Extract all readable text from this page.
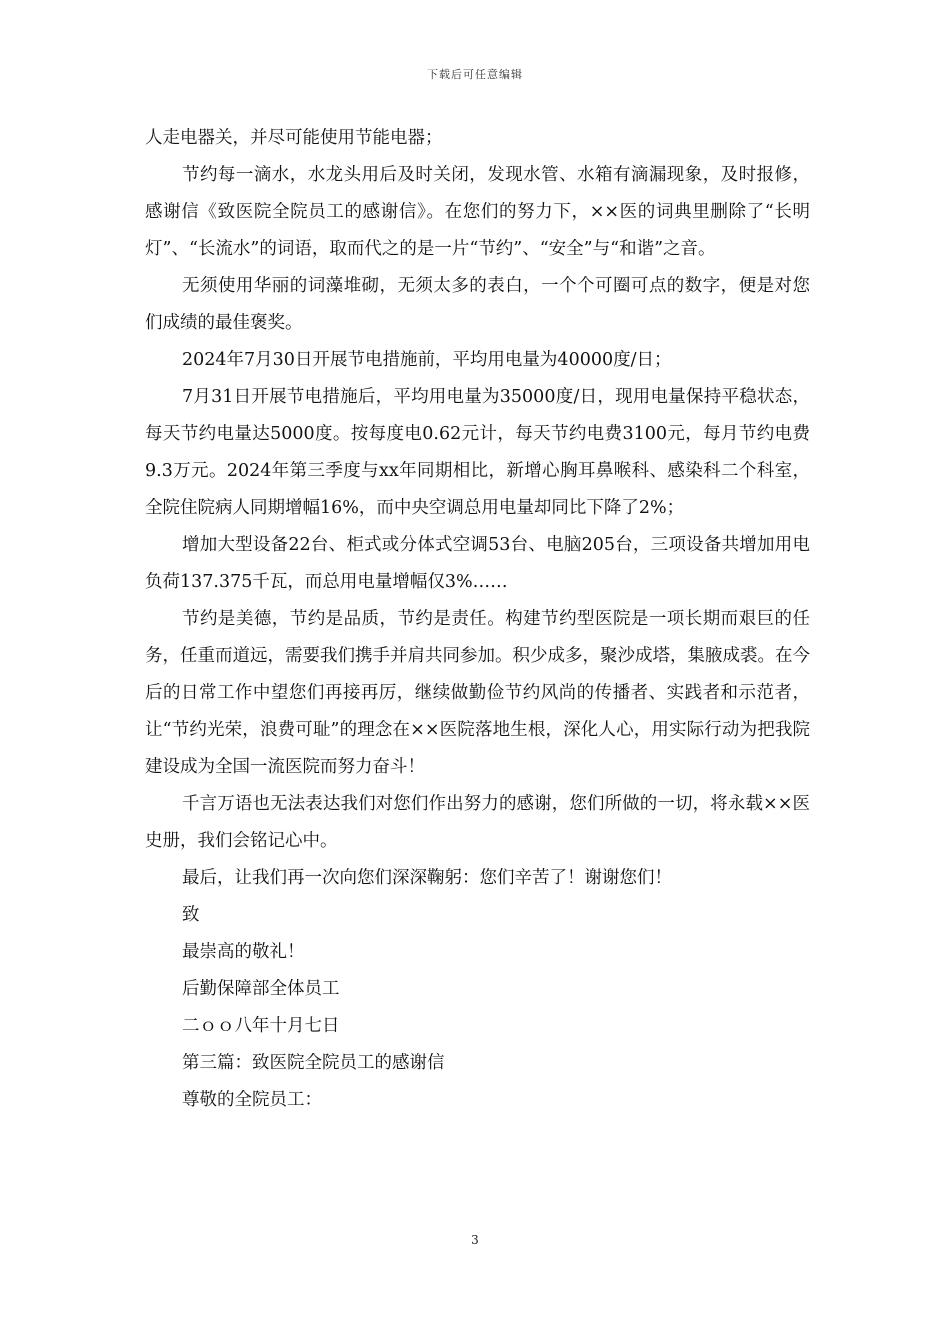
下载后可任意编辑

人走电器关，并尽可能使用节能电器；

节约每一滴水，水龙头用后及时关闭，发现水管、水箱有滴漏现象，及时报修，感谢信《致医院全院员工的感谢信》。在您们的努力下，××医的词典里删除了“长明灯”、“长流水”的词语，取而代之的是一片“节约”、“安全”与“和谐”之音。

无须使用华丽的词藻堆砌，无须太多的表白，一个个可圈可点的数字，便是对您们成绩的最佳褒奖。

2024年7月30日开展节电措施前，平均用电量为40000度/日；

7月31日开展节电措施后，平均用电量为35000度/日，现用电量保持平稳状态，每天节约电量达5000度。按每度电0.62元计，每天节约电费3100元，每月节约电费9.3万元。2024年第三季度与xx年同期相比，新增心胸耳鼻喉科、感染科二个科室，全院住院病人同期增幅16%，而中央空调总用电量却同比下降了2%；

增加大型设备22台、柜式或分体式空调53台、电脑205台，三项设备共增加用电负荷137.375千瓦，而总用电量增幅仅3%……

节约是美德，节约是品质，节约是责任。构建节约型医院是一项长期而艰巨的任务，任重而道远，需要我们携手并肩共同参加。积少成多，聚沙成塔，集腋成裘。在今后的日常工作中望您们再接再厉，继续做勤俭节约风尚的传播者、实践者和示范者，让“节约光荣，浪费可耻”的理念在××医院落地生根，深化人心，用实际行动为把我院建设成为全国一流医院而努力奋斗！

千言万语也无法表达我们对您们作出努力的感谢，您们所做的一切，将永载××医史册，我们会铭记心中。

最后，让我们再一次向您们深深鞠躬：您们辛苦了！谢谢您们！

致

最崇高的敬礼！

后勤保障部全体员工

二ｏｏ八年十月七日

第三篇：致医院全院员工的感谢信

尊敬的全院员工：

3
